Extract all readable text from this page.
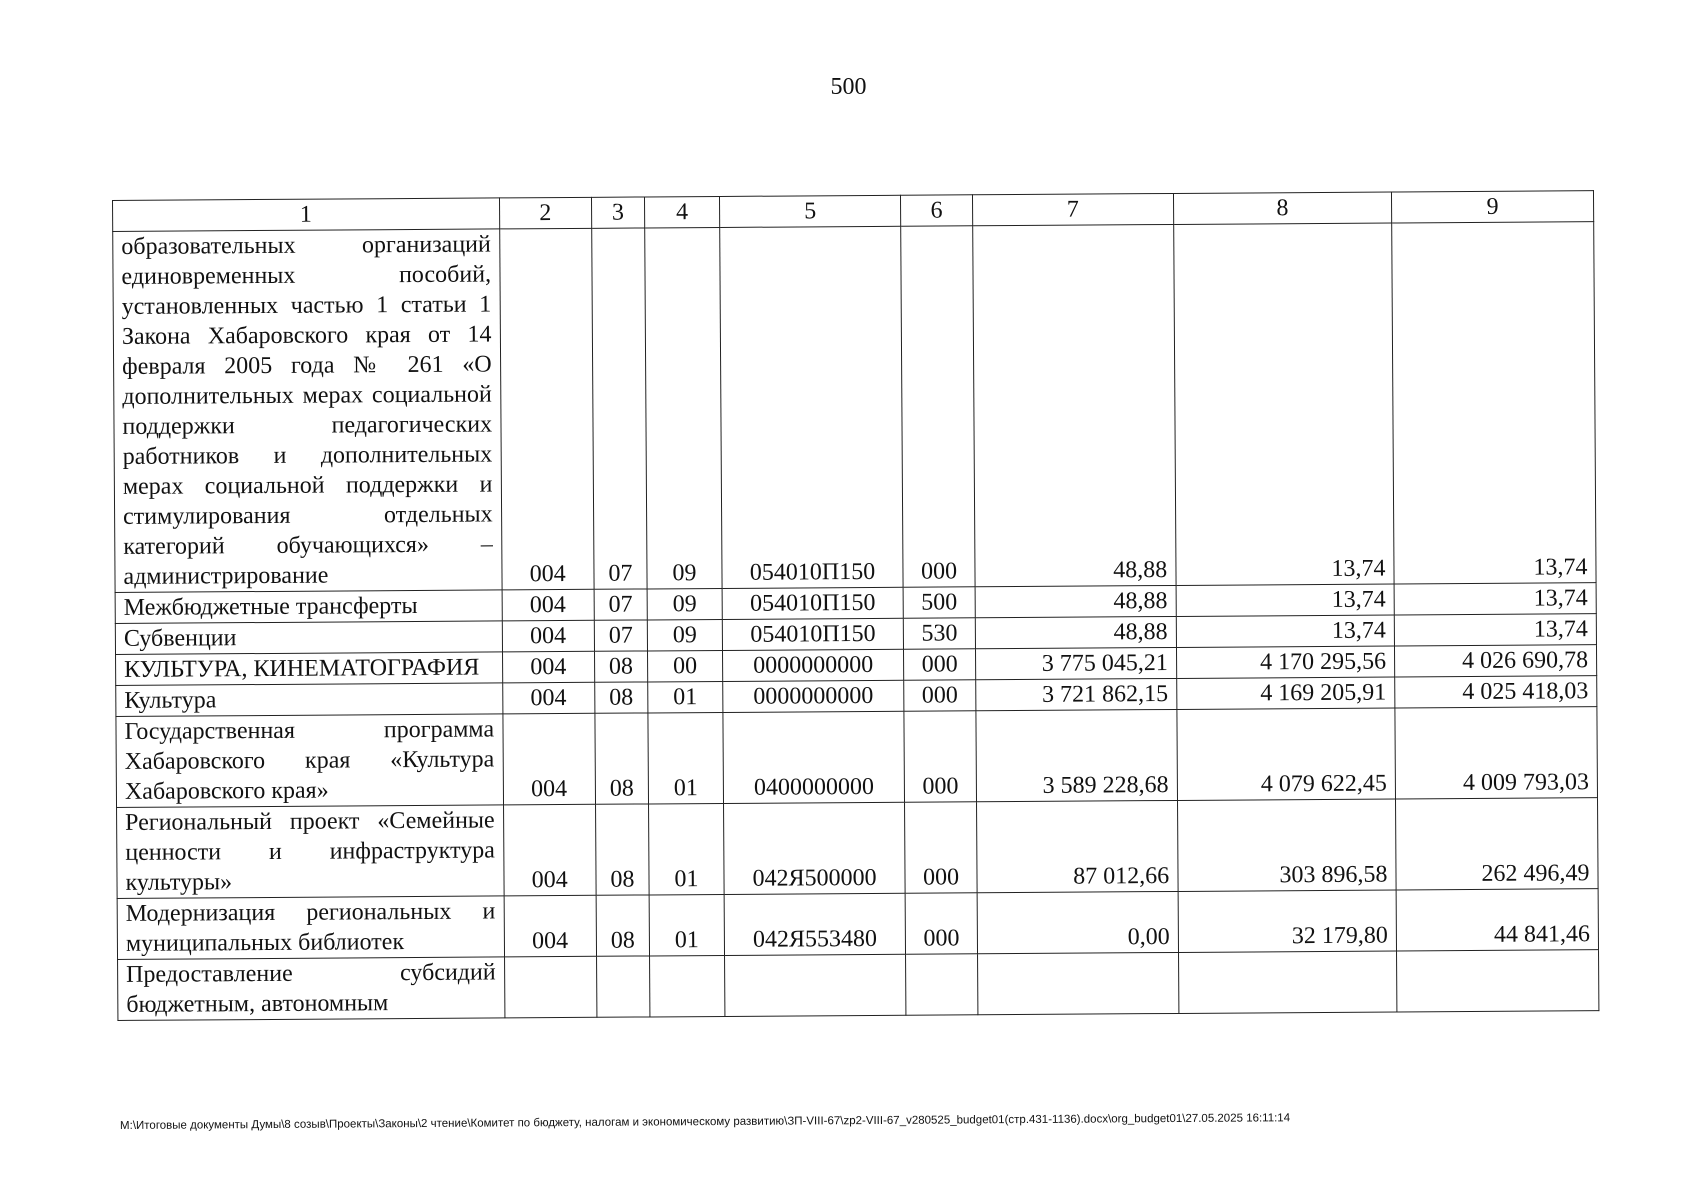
500
1	2	3	4	5	6	7	8	9
образовательных организаций единовременных пособий, установленных частью 1 статьи 1 Закона Хабаровского края от 14 февраля 2005 года № 261 «О дополнительных мерах социальной поддержки педагогических работников и дополнительных мерах социальной поддержки и стимулирования отдельных категорий обучающихся» – администрирование	004	07	09	054010П150	000	48,88	13,74	13,74
Межбюджетные трансферты	004	07	09	054010П150	500	48,88	13,74	13,74
Субвенции	004	07	09	054010П150	530	48,88	13,74	13,74
КУЛЬТУРА, КИНЕМАТОГРАФИЯ	004	08	00	0000000000	000	3 775 045,21	4 170 295,56	4 026 690,78
Культура	004	08	01	0000000000	000	3 721 862,15	4 169 205,91	4 025 418,03
Государственная программа Хабаровского края «Культура Хабаровского края»	004	08	01	0400000000	000	3 589 228,68	4 079 622,45	4 009 793,03
Региональный проект «Семейные ценности и инфраструктура культуры»	004	08	01	042Я500000	000	87 012,66	303 896,58	262 496,49
Модернизация региональных и муниципальных библиотек	004	08	01	042Я553480	000	0,00	32 179,80	44 841,46
Предоставление субсидий бюджетным, автономным								
M:\Итоговые документы Думы\8 созыв\Проекты\Законы\2 чтение\Комитет по бюджету, налогам и экономическому развитию\ЗП-VIII-67\zp2-VIII-67_v280525_budget01(стр.431-1136).docx\org_budget01\27.05.2025 16:11:14
